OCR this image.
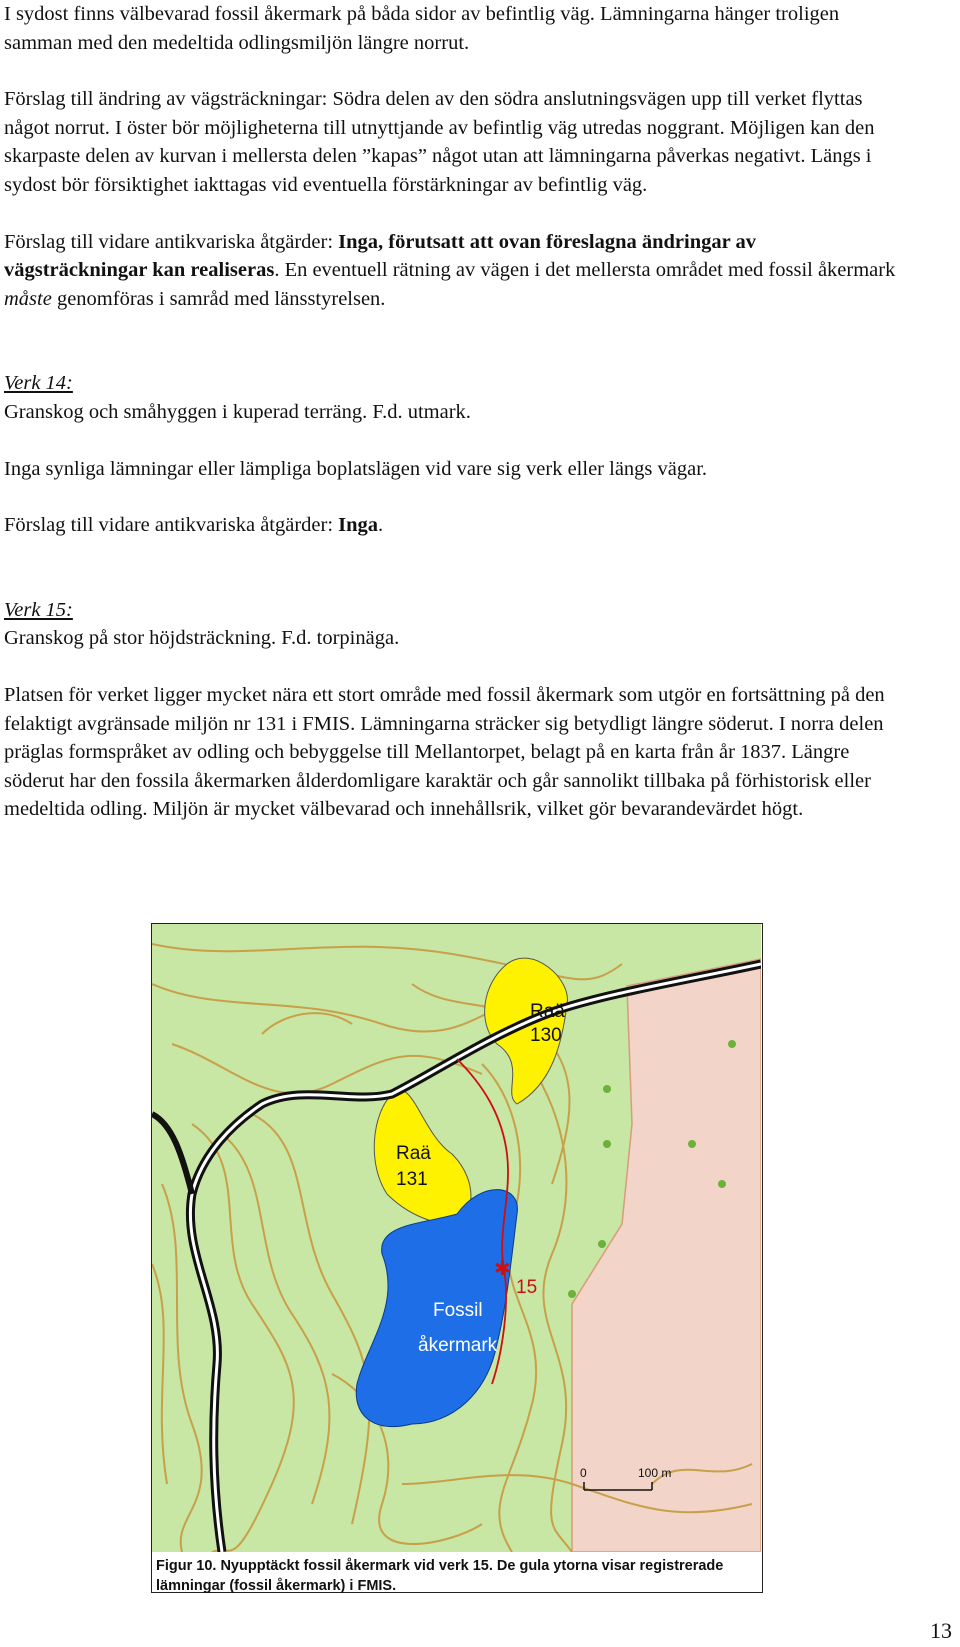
I sydost finns välbevarad fossil åkermark på båda sidor av befintlig väg. Lämningarna hänger troligen samman med den medeltida odlingsmiljön längre norrut.

Förslag till ändring av vägsträckningar: Södra delen av den södra anslutningsvägen upp till verket flyttas något norrut. I öster bör möjligheterna till utnyttjande av befintlig väg utredas noggrant. Möjligen kan den skarpaste delen av kurvan i mellersta delen ”kapas” något utan att lämningarna påverkas negativt. Längs i sydost bör försiktighet iakttagas vid eventuella förstärkningar av befintlig väg.

Förslag till vidare antikvariska åtgärder: Inga, förutsatt att ovan föreslagna ändringar av vägsträckningar kan realiseras. En eventuell rätning av vägen i det mellersta området med fossil åkermark måste genomföras i samråd med länsstyrelsen.

Verk 14:

Granskog och småhyggen i kuperad terräng. F.d. utmark.

Inga synliga lämningar eller lämpliga boplatslägen vid vare sig verk eller längs vägar.

Förslag till vidare antikvariska åtgärder: Inga.

Verk 15:

Granskog på stor höjdsträckning. F.d. torpinäga.

Platsen för verket ligger mycket nära ett stort område med fossil åkermark som utgör en fortsättning på den felaktigt avgränsade miljön nr 131 i FMIS. Lämningarna sträcker sig betydligt längre söderut. I norra delen präglas formspråket av odling och bebyggelse till Mellantorpet, belagt på en karta från år 1837. Längre söderut har den fossila åkermarken ålderdomligare karaktär och går sannolikt tillbaka på förhistorisk eller medeltida odling. Miljön är mycket välbevarad och innehållsrik, vilket gör bevarandevärdet högt.

✱
Raä
130
Raä
131
Fossil
åkermark
15
0	100 m
Figur 10. Nyupptäckt fossil åkermark vid verk 15. De gula ytorna visar registrerade lämningar (fossil åkermark) i FMIS.
13
